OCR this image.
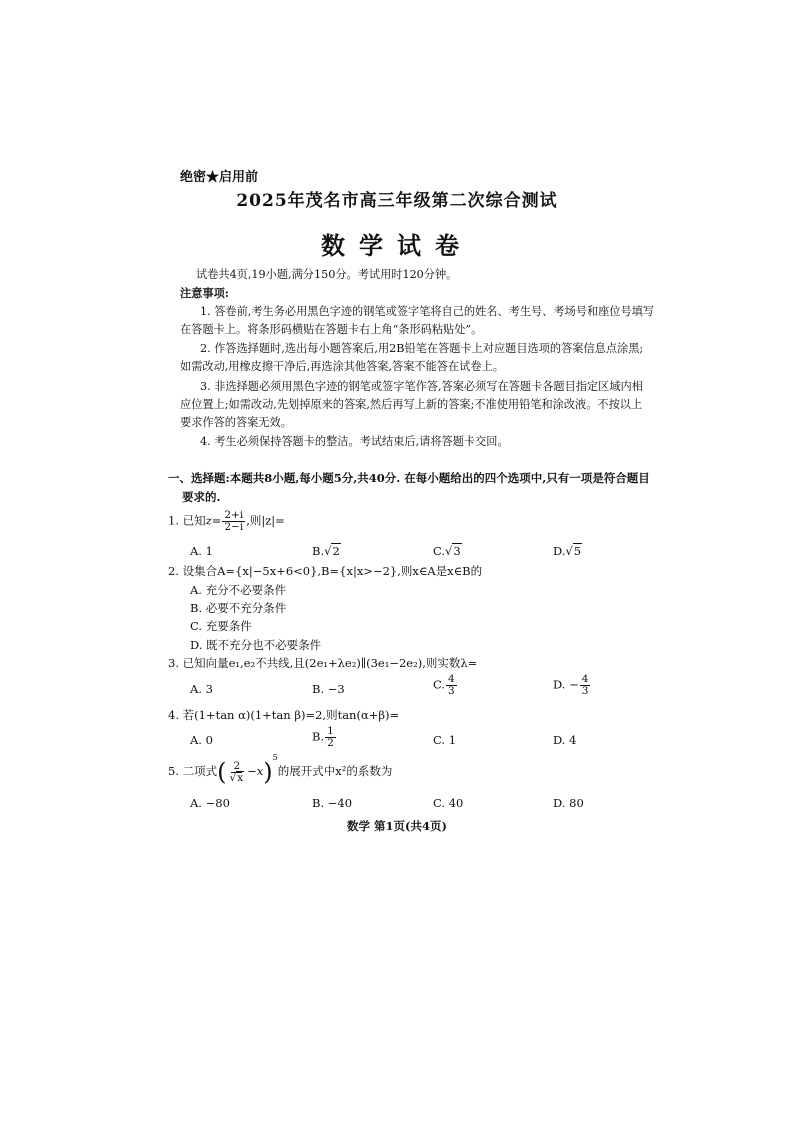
绝密★启用前
2025年茂名市高三年级第二次综合测试
数学试卷
试卷共4页,19小题,满分150分。考试用时120分钟。
注意事项:
1. 答卷前,考生务必用黑色字迹的钢笔或签字笔将自己的姓名、考生号、考场号和座位号填写
在答题卡上。将条形码横贴在答题卡右上角“条形码粘贴处”。
2. 作答选择题时,选出每小题答案后,用2B铅笔在答题卡上对应题目选项的答案信息点涂黑;
如需改动,用橡皮擦干净后,再选涂其他答案,答案不能答在试卷上。
3. 非选择题必须用黑色字迹的钢笔或签字笔作答,答案必须写在答题卡各题目指定区域内相
应位置上;如需改动,先划掉原来的答案,然后再写上新的答案;不准使用铅笔和涂改液。不按以上
要求作答的答案无效。
4. 考生必须保持答题卡的整洁。考试结束后,请将答题卡交回。
一、选择题:本题共8小题,每小题5分,共40分. 在每小题给出的四个选项中,只有一项是符合题目
要求的.
1. 已知$z= \frac{2+i}{2-i}$ ,则|z|=
A. 1	B.√2	C.√3	D.√5
2. 设集合A={x|−5x+6<0},B={x|x>−2},则x∈A是x∈B的
A. 充分不必要条件
B. 必要不充分条件
C. 充要条件
D. 既不充分也不必要条件
3. 已知向量e₁,e₂不共线,且(2e₁+λe₂)∥(3e₁−2e₂),则实数λ=
A. 3	B. −3	C. $\frac{4}{3}$	D. − $\frac{4}{3}$
4. 若(1+tan α)(1+tan β)=2,则tan(α+β)=
A. 0	B. $\frac{1}{2}$	C. 1	D. 4
5. 二项式( $\frac{2}{√x} -x)^5$的展开式中x²的系数为
A. −80	B. −40	C. 40	D. 80
数学 第1页(共4页)
